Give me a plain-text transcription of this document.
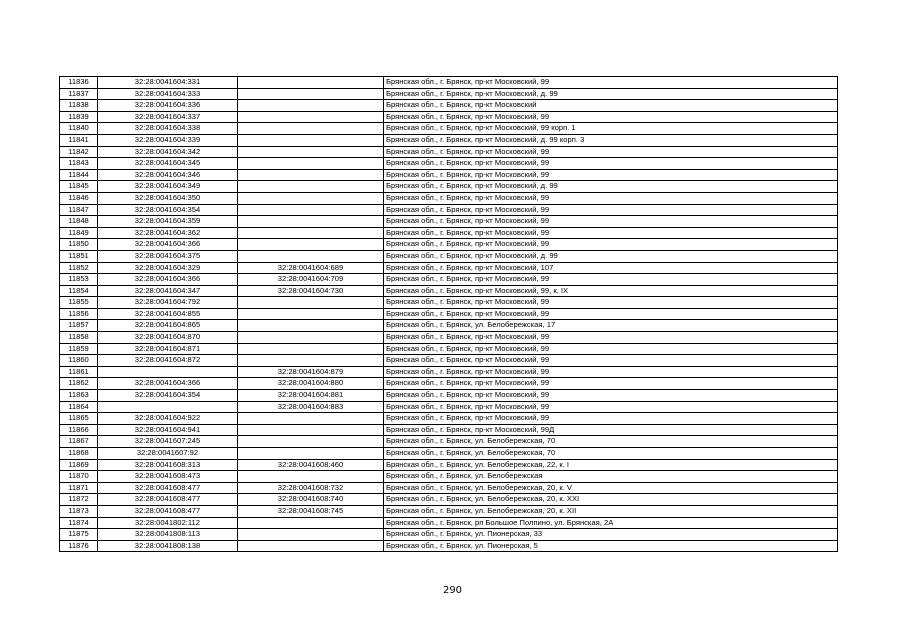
11836	32:28:0041604:331		Брянская обл., г. Брянск, пр-кт Московский, 99
11837	32:28:0041604:333		Брянская обл., г. Брянск, пр-кт Московский, д. 99
11838	32:28:0041604:336		Брянская обл., г. Брянск, пр-кт Московский
11839	32:28:0041604:337		Брянская обл., г. Брянск, пр-кт Московский, 99
11840	32:28:0041604:338		Брянская обл., г. Брянск, пр-кт Московский, 99 корп. 1
11841	32:28:0041604:339		Брянская обл., г. Брянск, пр-кт Московский, д. 99 корп. 3
11842	32:28:0041604:342		Брянская обл., г. Брянск, пр-кт Московский, 99
11843	32:28:0041604:345		Брянская обл., г. Брянск, пр-кт Московский, 99
11844	32:28:0041604:346		Брянская обл., г. Брянск, пр-кт Московский, 99
11845	32:28:0041604:349		Брянская обл., г. Брянск, пр-кт Московский, д. 99
11846	32:28:0041604:350		Брянская обл., г. Брянск, пр-кт Московский, 99
11847	32:28:0041604:354		Брянская обл., г. Брянск, пр-кт Московский, 99
11848	32:28:0041604:359		Брянская обл., г. Брянск, пр-кт Московский, 99
11849	32:28:0041604:362		Брянская обл., г. Брянск, пр-кт Московский, 99
11850	32:28:0041604:366		Брянская обл., г. Брянск, пр-кт Московский, 99
11851	32:28:0041604:375		Брянская обл., г. Брянск, пр-кт Московский, д. 99
11852	32:28:0041604:329	32:28:0041604:689	Брянская обл., г. Брянск, пр-кт Московский, 107
11853	32:28:0041604:366	32:28:0041604:709	Брянская обл., г. Брянск, пр-кт Московский, 99
11854	32:28:0041604:347	32:28:0041604:730	Брянская обл., г. Брянск, пр-кт Московский, 99, к. IX
11855	32:28:0041604:792		Брянская обл., г. Брянск, пр-кт Московский, 99
11856	32:28:0041604:855		Брянская обл., г. Брянск, пр-кт Московский, 99
11857	32:28:0041604:865		Брянская обл., г. Брянск, ул. Белобережская, 17
11858	32:28:0041604:870		Брянская обл., г. Брянск, пр-кт Московский, 99
11859	32:28:0041604:871		Брянская обл., г. Брянск, пр-кт Московский, 99
11860	32:28:0041604:872		Брянская обл., г. Брянск, пр-кт Московский, 99
11861		32:28:0041604:879	Брянская обл., г. Брянск, пр-кт Московский, 99
11862	32:28:0041604:366	32:28:0041604:880	Брянская обл., г. Брянск, пр-кт Московский, 99
11863	32:28:0041604:354	32:28:0041604:881	Брянская обл., г. Брянск, пр-кт Московский, 99
11864		32:28:0041604:883	Брянская обл., г. Брянск, пр-кт Московский, 99
11865	32:28:0041604:922		Брянская обл., г. Брянск, пр-кт Московский, 99
11866	32:28:0041604:941		Брянская обл., г. Брянск, пр-кт Московский, 99Д
11867	32:28:0041607:245		Брянская обл., г. Брянск, ул. Белобережская, 70
11868	32:28:0041607:92		Брянская обл., г. Брянск, ул. Белобережская, 70
11869	32:28:0041608:313	32:28:0041608:460	Брянская обл., г. Брянск, ул. Белобережская, 22, к. I
11870	32:28:0041608:473		Брянская обл., г. Брянск, ул. Белобережская
11871	32:28:0041608:477	32:28:0041608:732	Брянская обл., г. Брянск, ул. Белобережская, 20, к. V
11872	32:28:0041608:477	32:28:0041608:740	Брянская обл., г. Брянск, ул. Белобережская, 20, к. XXI
11873	32:28:0041608:477	32:28:0041608:745	Брянская обл., г. Брянск, ул. Белобережская, 20, к. XII
11874	32:28:0041802:112		Брянская обл., г. Брянск, рп Большое Полпино, ул. Брянская, 2А
11875	32:28:0041808:113		Брянская обл., г. Брянск, ул. Пионерская, 33
11876	32:28:0041808:138		Брянская обл., г. Брянск, ул. Пионерская, 5
290
